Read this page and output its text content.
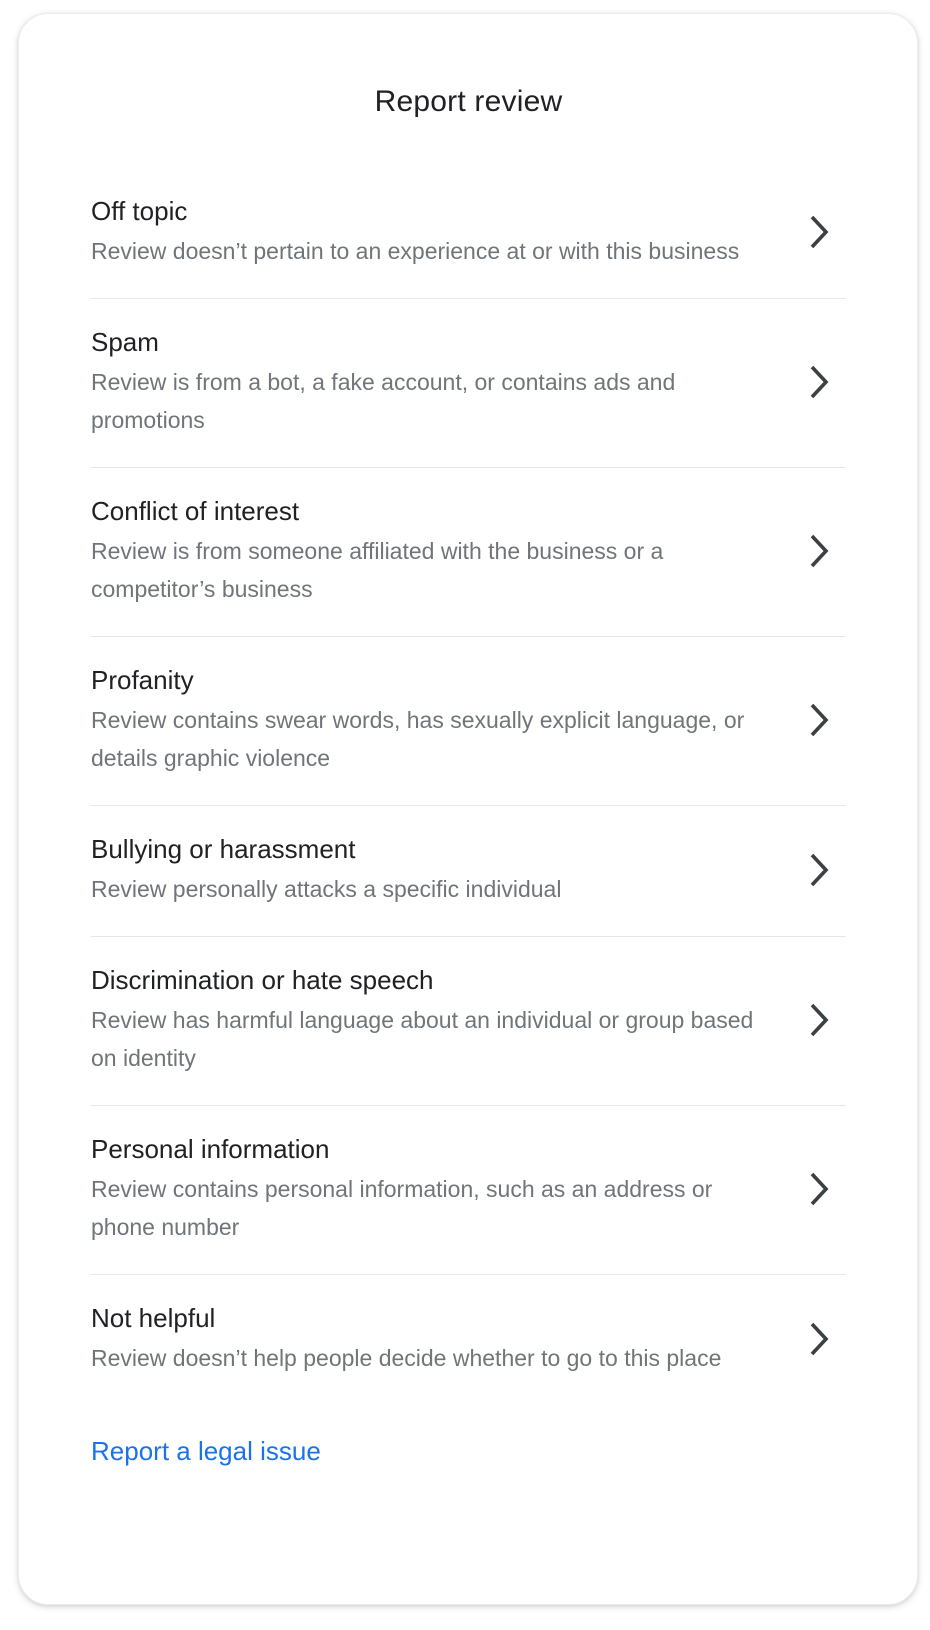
Report review
Off topic
Review doesn’t pertain to an experience at or with this business
Spam
Review is from a bot, a fake account, or contains ads and promotions
Conflict of interest
Review is from someone affiliated with the business or a competitor’s business
Profanity
Review contains swear words, has sexually explicit language, or details graphic violence
Bullying or harassment
Review personally attacks a specific individual
Discrimination or hate speech
Review has harmful language about an individual or group based on identity
Personal information
Review contains personal information, such as an address or phone number
Not helpful
Review doesn’t help people decide whether to go to this place
Report a legal issue
